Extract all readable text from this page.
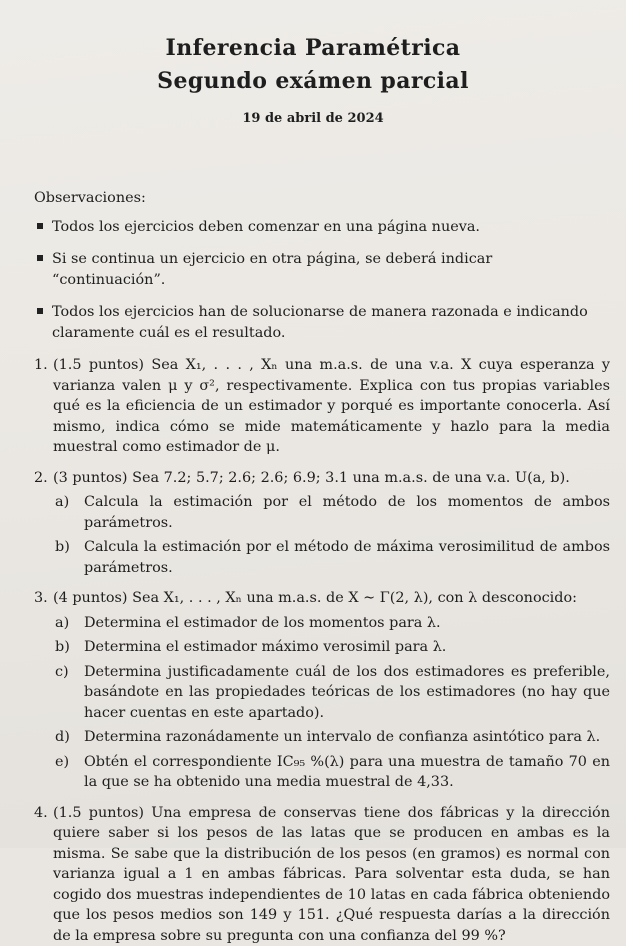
Inferencia Paramétrica
Segundo exámen parcial
19 de abril de 2024

Observaciones:

Todos los ejercicios deben comenzar en una página nueva.
Si se continua un ejercicio en otra página, se deberá indicar “continuación”.
Todos los ejercicios han de solucionarse de manera razonada e indicando claramente cuál es el resultado.
1. (1.5 puntos) Sea X₁, . . . , Xₙ una m.a.s. de una v.a. X cuya esperanza y varianza valen μ y σ², respectivamente. Explica con tus propias variables qué es la eficiencia de un estimador y porqué es importante conocerla. Así mismo, indica cómo se mide matemáticamente y hazlo para la media muestral como estimador de μ.
2. (3 puntos) Sea 7.2; 5.7; 2.6; 2.6; 6.9; 3.1 una m.a.s. de una v.a. U(a, b).
a) Calcula la estimación por el método de los momentos de ambos parámetros.
b) Calcula la estimación por el método de máxima verosimilitud de ambos parámetros.
3. (4 puntos) Sea X₁, . . . , Xₙ una m.a.s. de X ∼ Γ(2, λ), con λ desconocido:
a) Determina el estimador de los momentos para λ.
b) Determina el estimador máximo verosimil para λ.
c) Determina justificadamente cuál de los dos estimadores es preferible, basándote en las propiedades teóricas de los estimadores (no hay que hacer cuentas en este apartado).
d) Determina razonádamente un intervalo de confianza asintótico para λ.
e) Obtén el correspondiente IC₉₅ %(λ) para una muestra de tamaño 70 en la que se ha obtenido una media muestral de 4,33.
4. (1.5 puntos) Una empresa de conservas tiene dos fábricas y la dirección quiere saber si los pesos de las latas que se producen en ambas es la misma. Se sabe que la distribución de los pesos (en gramos) es normal con varianza igual a 1 en ambas fábricas. Para solventar esta duda, se han cogido dos muestras independientes de 10 latas en cada fábrica obteniendo que los pesos medios son 149 y 151. ¿Qué respuesta darías a la dirección de la empresa sobre su pregunta con una confianza del 99 %?
